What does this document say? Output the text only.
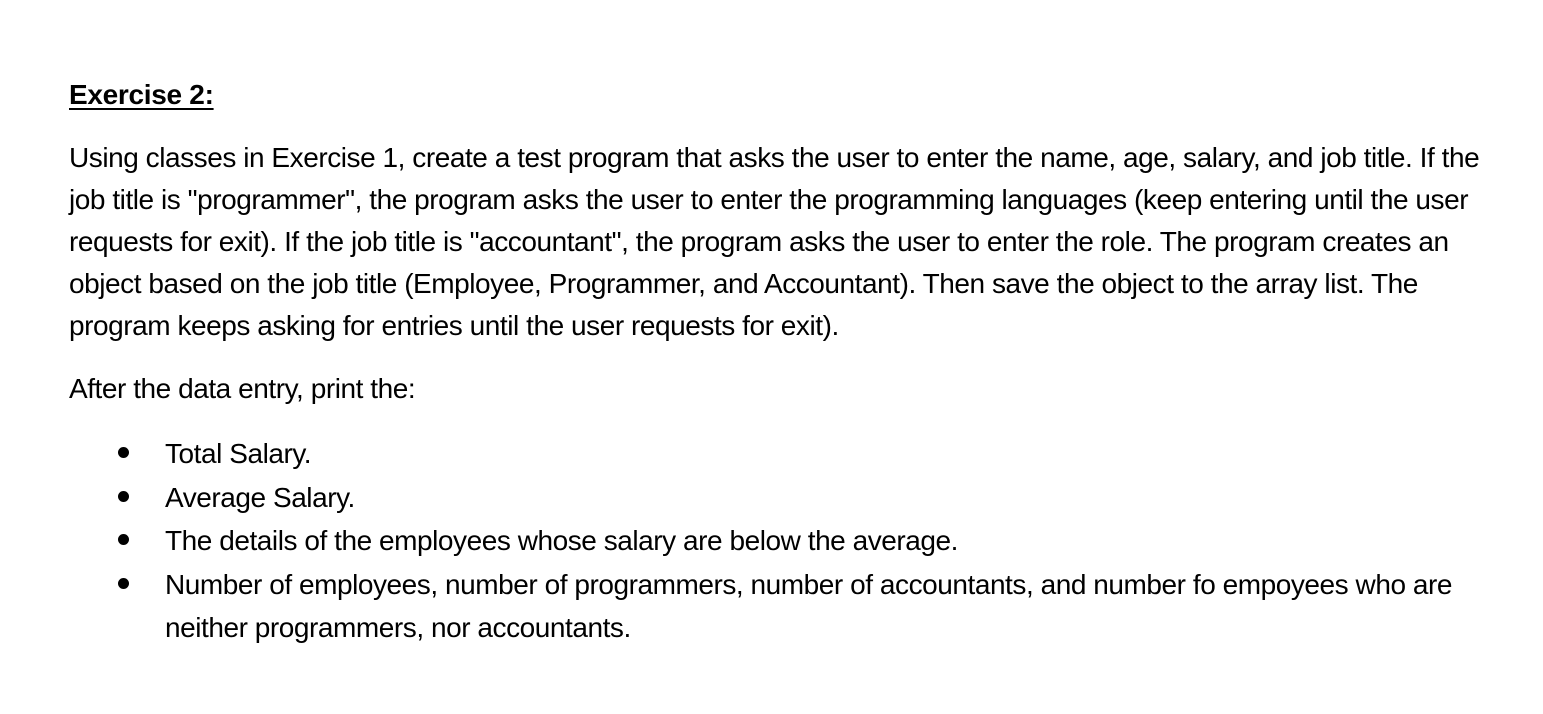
Exercise 2:

Using classes in Exercise 1, create a test program that asks the user to enter the name, age, salary, and job title. If the job title is "programmer", the program asks the user to enter the programming languages (keep entering until the user requests for exit). If the job title is "accountant", the program asks the user to enter the role. The program creates an object based on the job title (Employee, Programmer, and Accountant). Then save the object to the array list. The program keeps asking for entries until the user requests for exit).

After the data entry, print the:

Total Salary.
Average Salary.
The details of the employees whose salary are below the average.
Number of employees, number of programmers, number of accountants, and number fo empoyees who are neither programmers, nor accountants.
